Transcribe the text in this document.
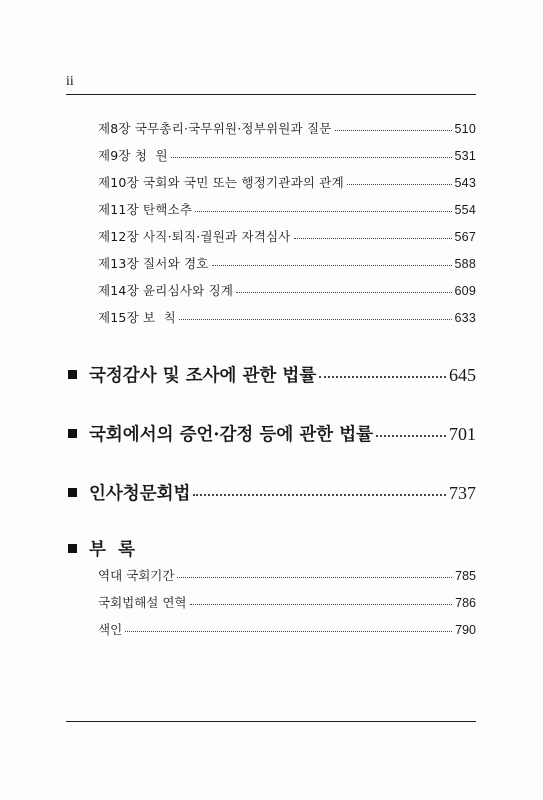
ii
제8장 국무총리·국무위원·정부위원과 질문	510
제9장 청  원	531
제10장 국회와 국민 또는 행정기관과의 관계	543
제11장 탄핵소추	554
제12장 사직·퇴직·궐원과 자격심사	567
제13장 질서와 경호	588
제14장 윤리심사와 징계	609
제15장 보  칙	633
국정감사 및 조사에 관한 법률	645
국회에서의 증언·감정 등에 관한 법률	701
인사청문회법	737
부  록
역대 국회기간	785
국회법해설 연혁	786
색인	790
